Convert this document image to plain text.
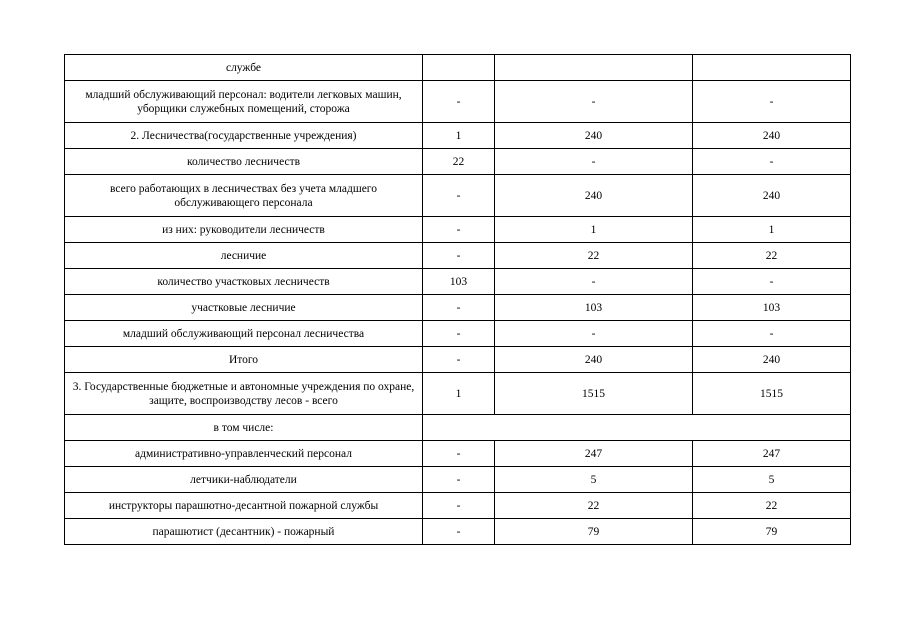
службе			
младший обслуживающий персонал: водители легковых машин, уборщики служебных помещений, сторожа	-	-	-
2. Лесничества(государственные учреждения)	1	240	240
количество лесничеств	22	-	-
всего работающих в лесничествах без учета младшего обслуживающего персонала	-	240	240
из них: руководители лесничеств	-	1	1
лесничие	-	22	22
количество участковых лесничеств	103	-	-
участковые лесничие	-	103	103
младший обслуживающий персонал лесничества	-	-	-
Итого	-	240	240
3. Государственные бюджетные и автономные учреждения по охране, защите, воспроизводству лесов - всего	1	1515	1515
в том числе:			
административно-управленческий персонал	-	247	247
летчики-наблюдатели	-	5	5
инструкторы парашютно-десантной пожарной службы	-	22	22
парашютист (десантник) - пожарный	-	79	79
